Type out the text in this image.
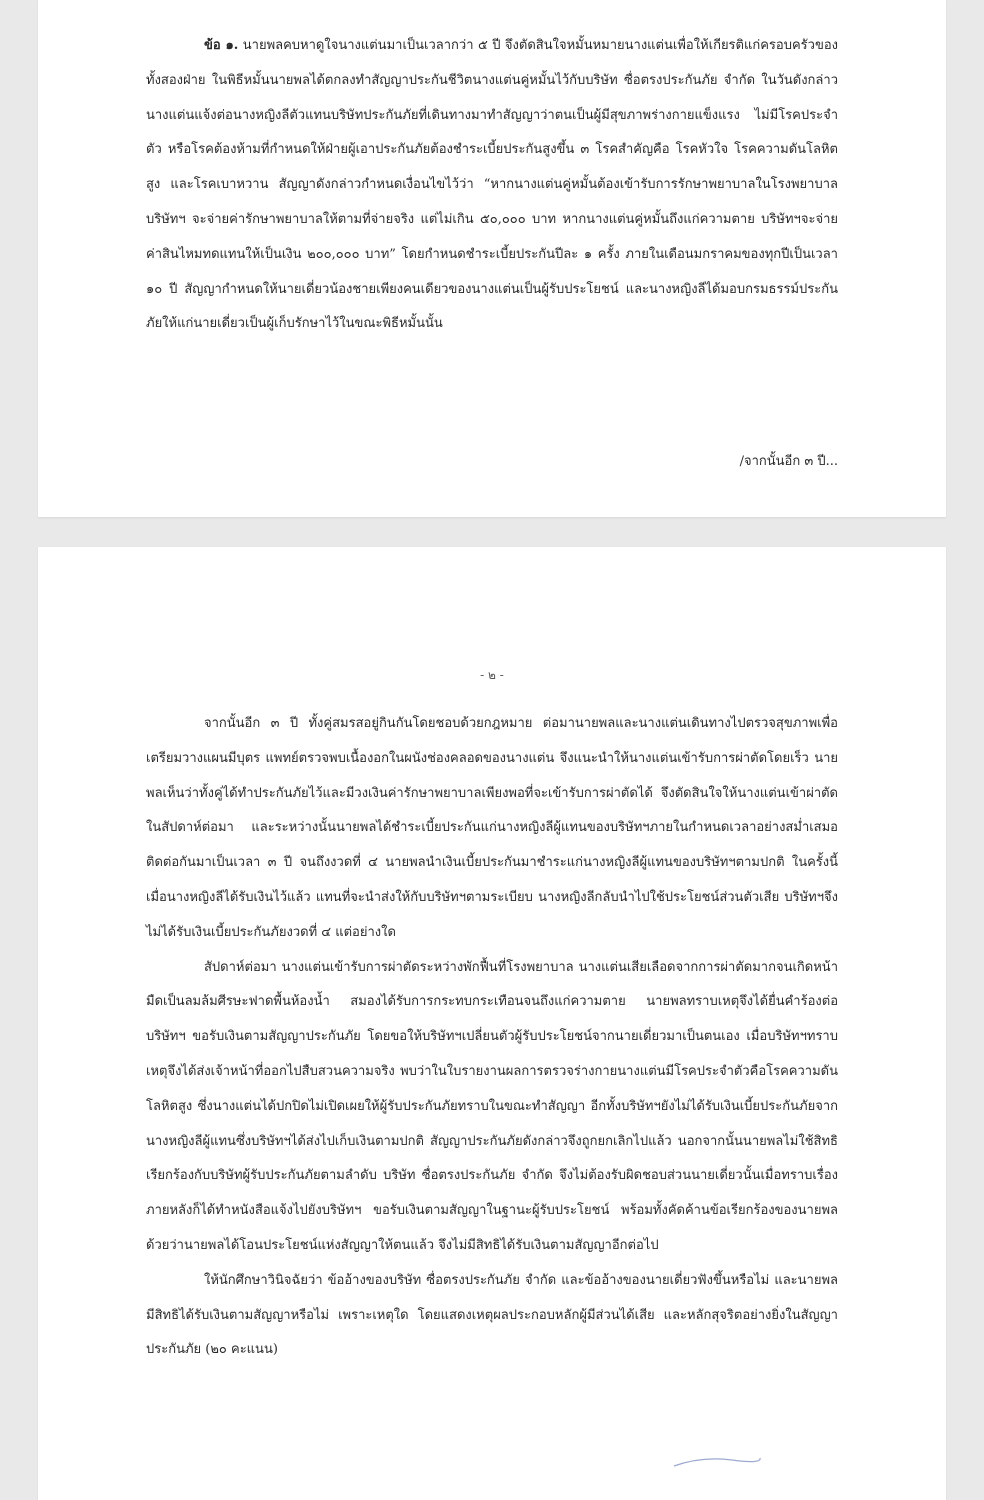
ข้อ ๑. นายพลคบหาดูใจนางแต่นมาเป็นเวลากว่า ๕ ปี จึงตัดสินใจหมั้นหมายนางแต่นเพื่อให้เกียรติแก่ครอบครัวของทั้งสองฝ่าย ในพิธีหมั้นนายพลได้ตกลงทำสัญญาประกันชีวิตนางแต่นคู่หมั้นไว้กับบริษัท ซื่อตรงประกันภัย จำกัด ในวันดังกล่าวนางแต่นแจ้งต่อนางหญิงลีตัวแทนบริษัทประกันภัยที่เดินทางมาทำสัญญาว่าตนเป็นผู้มีสุขภาพร่างกายแข็งแรง ไม่มีโรคประจำตัว หรือโรคต้องห้ามที่กำหนดให้ฝ่ายผู้เอาประกันภัยต้องชำระเบี้ยประกันสูงขึ้น ๓ โรคสำคัญคือ โรคหัวใจ โรคความดันโลหิตสูง และโรคเบาหวาน สัญญาดังกล่าวกำหนดเงื่อนไขไว้ว่า “หากนางแต่นคู่หมั้นต้องเข้ารับการรักษาพยาบาลในโรงพยาบาล บริษัทฯ จะจ่ายค่ารักษาพยาบาลให้ตามที่จ่ายจริง แต่ไม่เกิน ๕๐,๐๐๐ บาท หากนางแต่นคู่หมั้นถึงแก่ความตาย บริษัทฯจะจ่ายค่าสินไหมทดแทนให้เป็นเงิน ๒๐๐,๐๐๐ บาท” โดยกำหนดชำระเบี้ยประกันปีละ ๑ ครั้ง ภายในเดือนมกราคมของทุกปีเป็นเวลา ๑๐ ปี สัญญากำหนดให้นายเดี่ยวน้องชายเพียงคนเดียวของนางแต่นเป็นผู้รับประโยชน์ และนางหญิงลีได้มอบกรมธรรม์ประกันภัยให้แก่นายเดี่ยวเป็นผู้เก็บรักษาไว้ในขณะพิธีหมั้นนั้น

/จากนั้นอีก ๓ ปี...
- ๒ -

จากนั้นอีก ๓ ปี ทั้งคู่สมรสอยู่กินกันโดยชอบด้วยกฎหมาย ต่อมานายพลและนางแต่นเดินทางไปตรวจสุขภาพเพื่อเตรียมวางแผนมีบุตร แพทย์ตรวจพบเนื้องอกในผนังช่องคลอดของนางแต่น จึงแนะนำให้นางแต่นเข้ารับการผ่าตัดโดยเร็ว นายพลเห็นว่าทั้งคู่ได้ทำประกันภัยไว้และมีวงเงินค่ารักษาพยาบาลเพียงพอที่จะเข้ารับการผ่าตัดได้ จึงตัดสินใจให้นางแต่นเข้าผ่าตัดในสัปดาห์ต่อมา และระหว่างนั้นนายพลได้ชำระเบี้ยประกันแก่นางหญิงลีผู้แทนของบริษัทฯภายในกำหนดเวลาอย่างสม่ำเสมอติดต่อกันมาเป็นเวลา ๓ ปี จนถึงงวดที่ ๔ นายพลนำเงินเบี้ยประกันมาชำระแก่นางหญิงลีผู้แทนของบริษัทฯตามปกติ ในครั้งนี้เมื่อนางหญิงลีได้รับเงินไว้แล้ว แทนที่จะนำส่งให้กับบริษัทฯตามระเบียบ นางหญิงลีกลับนำไปใช้ประโยชน์ส่วนตัวเสีย บริษัทฯจึงไม่ได้รับเงินเบี้ยประกันภัยงวดที่ ๔ แต่อย่างใด

สัปดาห์ต่อมา นางแต่นเข้ารับการผ่าตัดระหว่างพักฟื้นที่โรงพยาบาล นางแต่นเสียเลือดจากการผ่าตัดมากจนเกิดหน้ามืดเป็นลมล้มศีรษะฟาดพื้นห้องน้ำ สมองได้รับการกระทบกระเทือนจนถึงแก่ความตาย นายพลทราบเหตุจึงได้ยื่นคำร้องต่อบริษัทฯ ขอรับเงินตามสัญญาประกันภัย โดยขอให้บริษัทฯเปลี่ยนตัวผู้รับประโยชน์จากนายเดี่ยวมาเป็นตนเอง เมื่อบริษัทฯทราบเหตุจึงได้ส่งเจ้าหน้าที่ออกไปสืบสวนความจริง พบว่าในใบรายงานผลการตรวจร่างกายนางแต่นมีโรคประจำตัวคือโรคความดันโลหิตสูง ซึ่งนางแต่นได้ปกปิดไม่เปิดเผยให้ผู้รับประกันภัยทราบในขณะทำสัญญา อีกทั้งบริษัทฯยังไม่ได้รับเงินเบี้ยประกันภัยจากนางหญิงลีผู้แทนซึ่งบริษัทฯได้ส่งไปเก็บเงินตามปกติ สัญญาประกันภัยดังกล่าวจึงถูกยกเลิกไปแล้ว นอกจากนั้นนายพลไม่ใช้สิทธิเรียกร้องกับบริษัทผู้รับประกันภัยตามลำดับ บริษัท ซื่อตรงประกันภัย จำกัด จึงไม่ต้องรับผิดชอบส่วนนายเดี่ยวนั้นเมื่อทราบเรื่องภายหลังก็ได้ทำหนังสือแจ้งไปยังบริษัทฯ ขอรับเงินตามสัญญาในฐานะผู้รับประโยชน์ พร้อมทั้งคัดค้านข้อเรียกร้องของนายพล ด้วยว่านายพลได้โอนประโยชน์แห่งสัญญาให้ตนแล้ว จึงไม่มีสิทธิได้รับเงินตามสัญญาอีกต่อไป

ให้นักศึกษาวินิจฉัยว่า ข้ออ้างของบริษัท ซื่อตรงประกันภัย จำกัด และข้ออ้างของนายเดี่ยวฟังขึ้นหรือไม่ และนายพลมีสิทธิได้รับเงินตามสัญญาหรือไม่ เพราะเหตุใด โดยแสดงเหตุผลประกอบหลักผู้มีส่วนได้เสีย และหลักสุจริตอย่างยิ่งในสัญญาประกันภัย (๒๐ คะแนน)
